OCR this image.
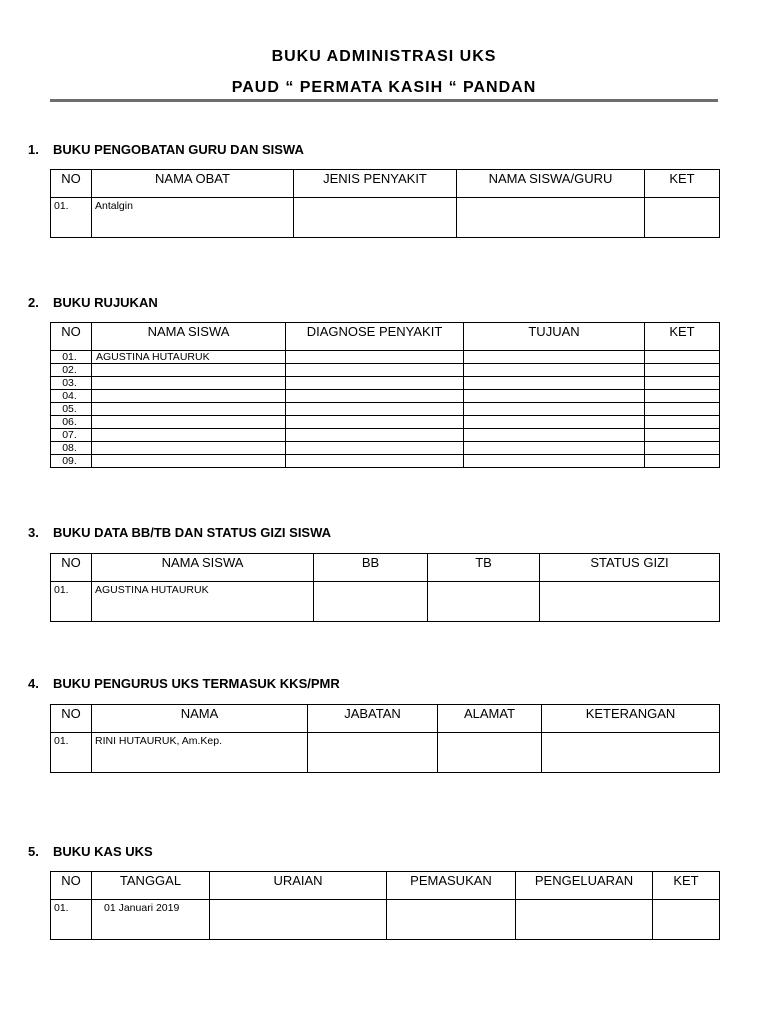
BUKU ADMINISTRASI UKS
PAUD “ PERMATA KASIH “ PANDAN
1. BUKU PENGOBATAN GURU DAN SISWA
NO	NAMA OBAT	JENIS PENYAKIT	NAMA SISWA/GURU	KET
01.	Antalgin			
2. BUKU RUJUKAN
NO	NAMA SISWA	DIAGNOSE PENYAKIT	TUJUAN	KET
01.	AGUSTINA HUTAURUK			
02.				
03.				
04.				
05.				
06.				
07.				
08.				
09.				
3. BUKU DATA BB/TB DAN STATUS GIZI SISWA
NO	NAMA SISWA	BB	TB	STATUS GIZI
01.	AGUSTINA HUTAURUK			
4. BUKU PENGURUS UKS TERMASUK KKS/PMR
NO	NAMA	JABATAN	ALAMAT	KETERANGAN
01.	RINI HUTAURUK, Am.Kep.			
5. BUKU KAS UKS
NO	TANGGAL	URAIAN	PEMASUKAN	PENGELUARAN	KET
01.	01 Januari 2019				
